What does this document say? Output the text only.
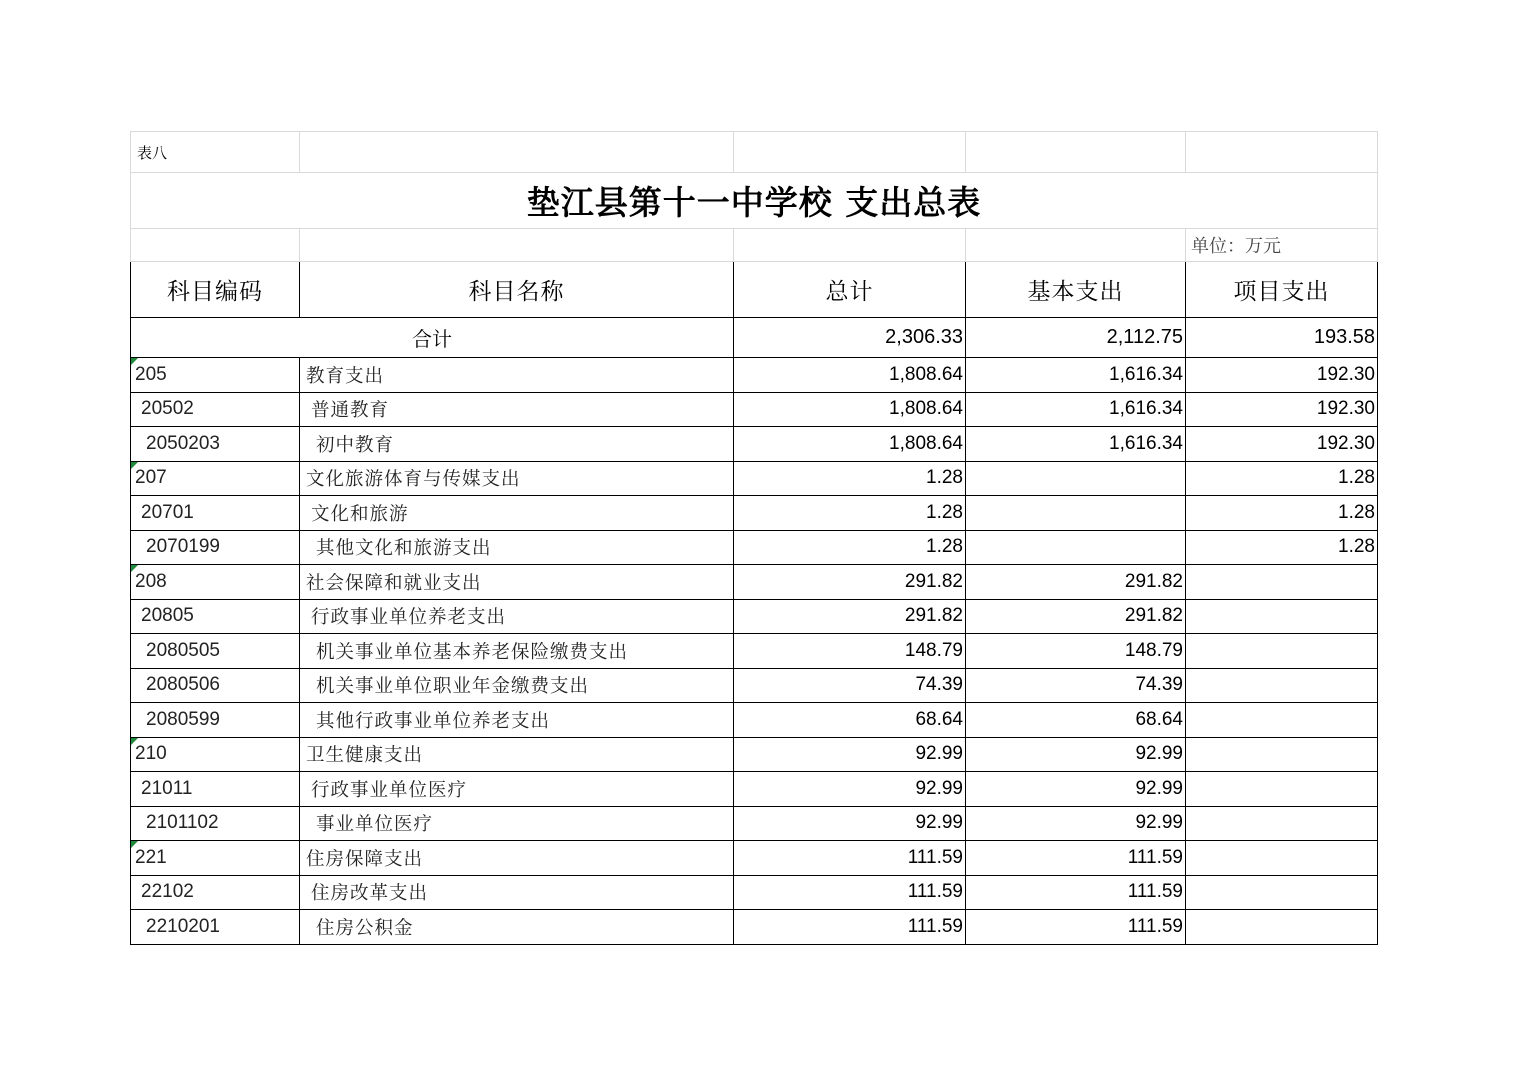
表八				
垫江县第十一中学校 支出总表				
				单位：万元
科目编码	科目名称	总计	基本支出	项目支出
合计		2,306.33	2,112.75	193.58

205	教育支出	1,808.64	1,616.34	192.30
20502	普通教育	1,808.64	1,616.34	192.30
2050203	初中教育	1,808.64	1,616.34	192.30

207	文化旅游体育与传媒支出	1.28		1.28
20701	文化和旅游	1.28		1.28
2070199	其他文化和旅游支出	1.28		1.28

208	社会保障和就业支出	291.82	291.82	
20805	行政事业单位养老支出	291.82	291.82	
2080505	机关事业单位基本养老保险缴费支出	148.79	148.79	
2080506	机关事业单位职业年金缴费支出	74.39	74.39	
2080599	其他行政事业单位养老支出	68.64	68.64	

210	卫生健康支出	92.99	92.99	
21011	行政事业单位医疗	92.99	92.99	
2101102	事业单位医疗	92.99	92.99	

221	住房保障支出	111.59	111.59	
22102	住房改革支出	111.59	111.59	
2210201	住房公积金	111.59	111.59	
